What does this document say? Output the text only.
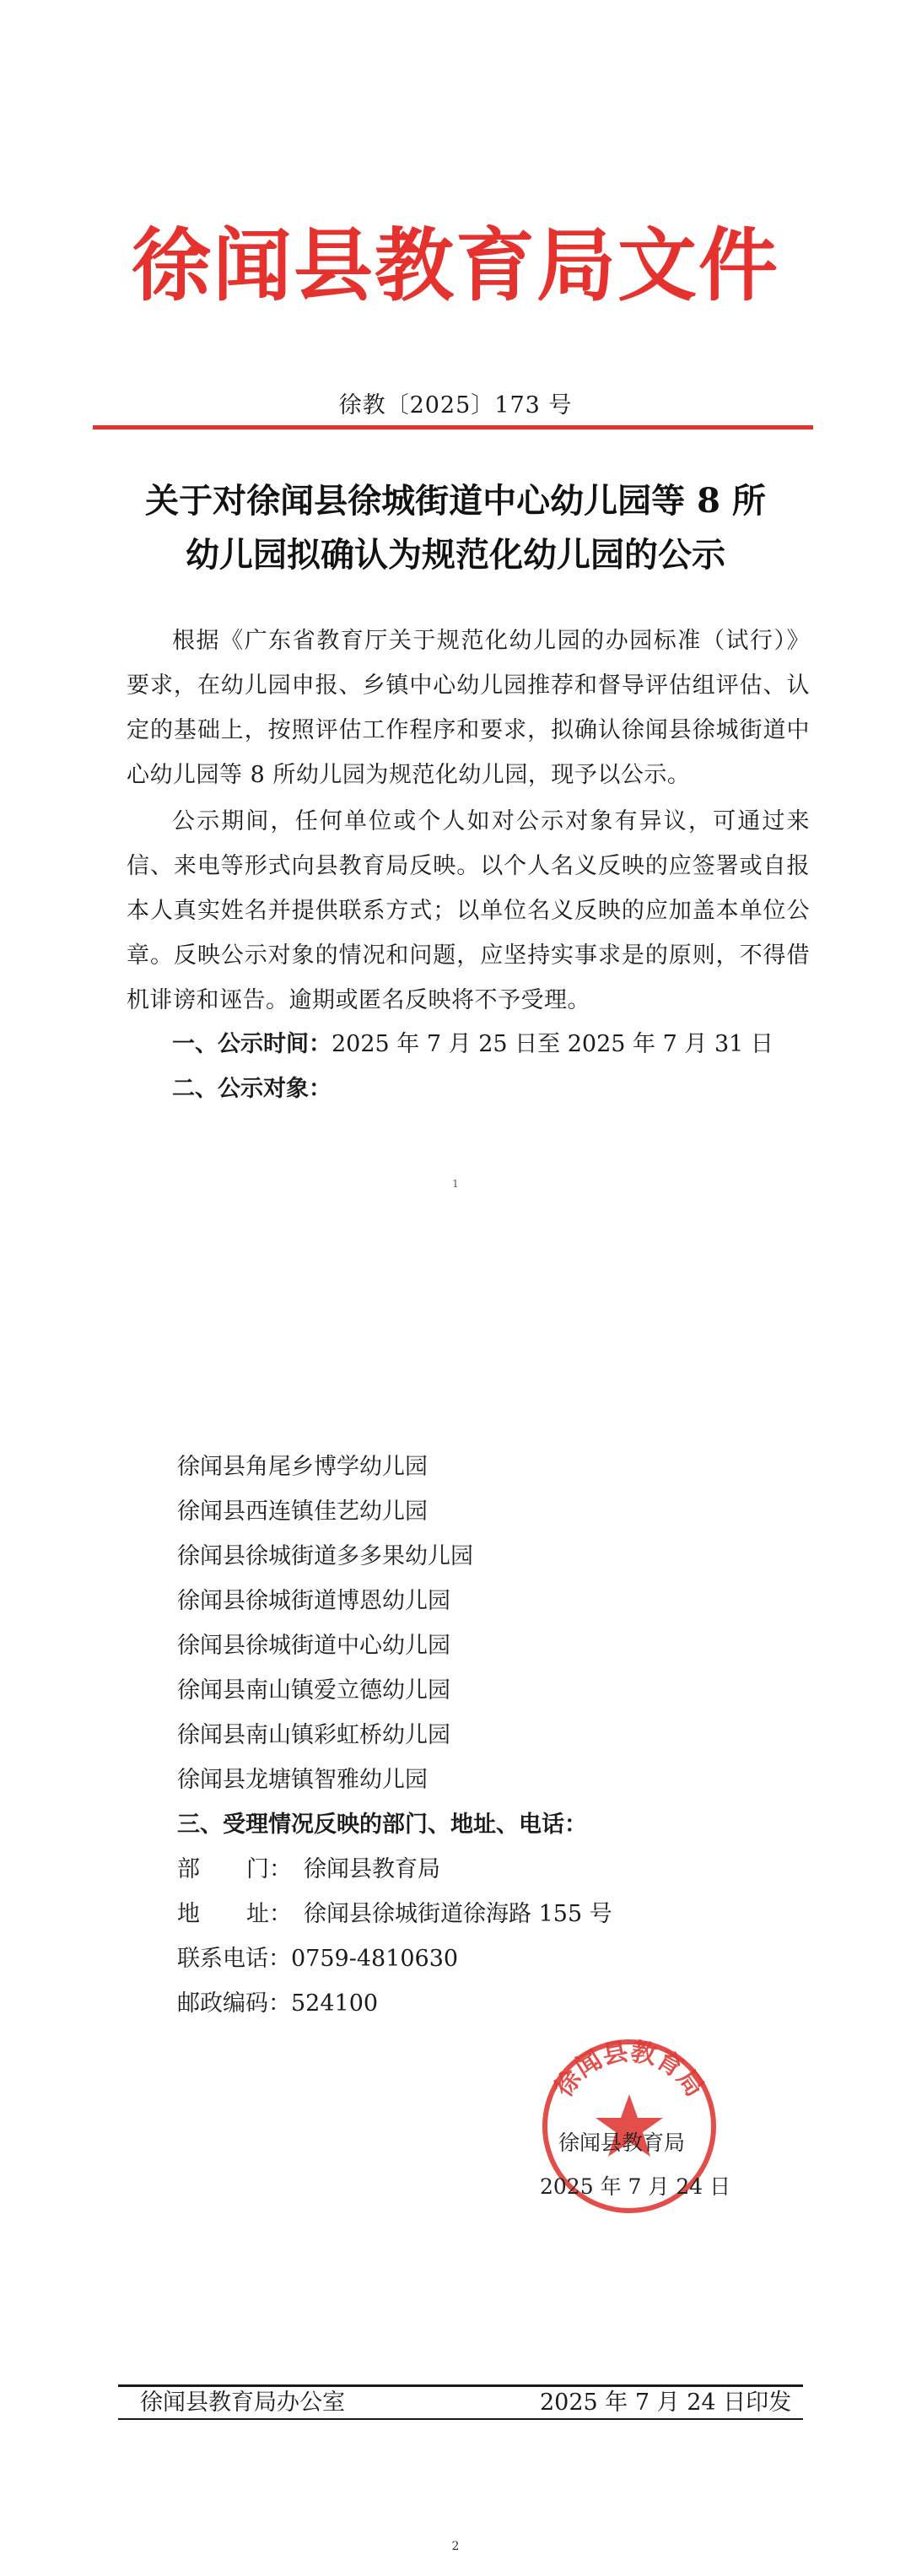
徐闻县教育局文件
徐教〔2025〕173 号
关于对徐闻县徐城街道中心幼儿园等 8 所
幼儿园拟确认为规范化幼儿园的公示
根据《广东省教育厅关于规范化幼儿园的办园标准（试行）》要求，在幼儿园申报、乡镇中心幼儿园推荐和督导评估组评估、认定的基础上，按照评估工作程序和要求，拟确认徐闻县徐城街道中心幼儿园等 8 所幼儿园为规范化幼儿园，现予以公示。
公示期间，任何单位或个人如对公示对象有异议，可通过来信、来电等形式向县教育局反映。以个人名义反映的应签署或自报本人真实姓名并提供联系方式；以单位名义反映的应加盖本单位公章。反映公示对象的情况和问题，应坚持实事求是的原则，不得借机诽谤和诬告。逾期或匿名反映将不予受理。
一、公示时间：2025 年 7 月 25 日至 2025 年 7 月 31 日
二、公示对象：
1
徐闻县角尾乡博学幼儿园
徐闻县西连镇佳艺幼儿园
徐闻县徐城街道多多果幼儿园
徐闻县徐城街道博恩幼儿园
徐闻县徐城街道中心幼儿园
徐闻县南山镇爱立德幼儿园
徐闻县南山镇彩虹桥幼儿园
徐闻县龙塘镇智雅幼儿园
三、受理情况反映的部门、地址、电话：
部 门： 徐闻县教育局
地 址： 徐闻县徐城街道徐海路 155 号
联系电话： 0759-4810630
邮政编码： 524100
徐闻县教育局
徐闻县教育局
2025 年 7 月 24 日
徐闻县教育局办公室	2025 年 7 月 24 日印发
2
